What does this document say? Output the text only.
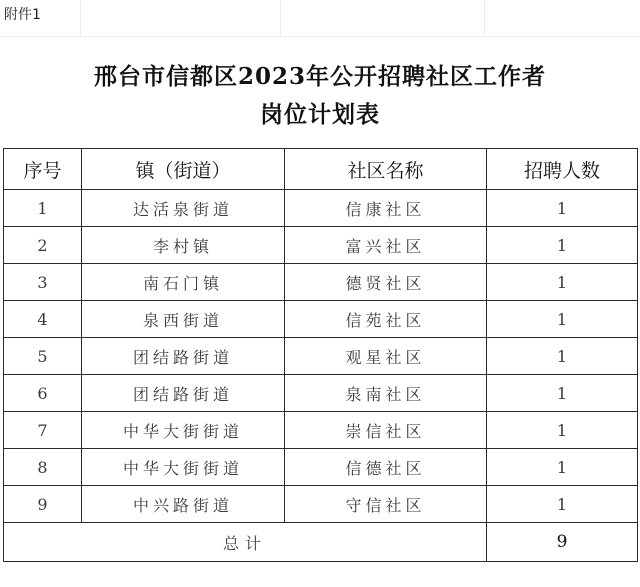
附件1
邢台市信都区2023年公开招聘社区工作者
岗位计划表
序号	镇（街道）	社区名称	招聘人数
1	达活泉街道	信康社区	1
2	李村镇	富兴社区	1
3	南石门镇	德贤社区	1
4	泉西街道	信苑社区	1
5	团结路街道	观星社区	1
6	团结路街道	泉南社区	1
7	中华大街街道	崇信社区	1
8	中华大街街道	信德社区	1
9	中兴路街道	守信社区	1
总计			9
